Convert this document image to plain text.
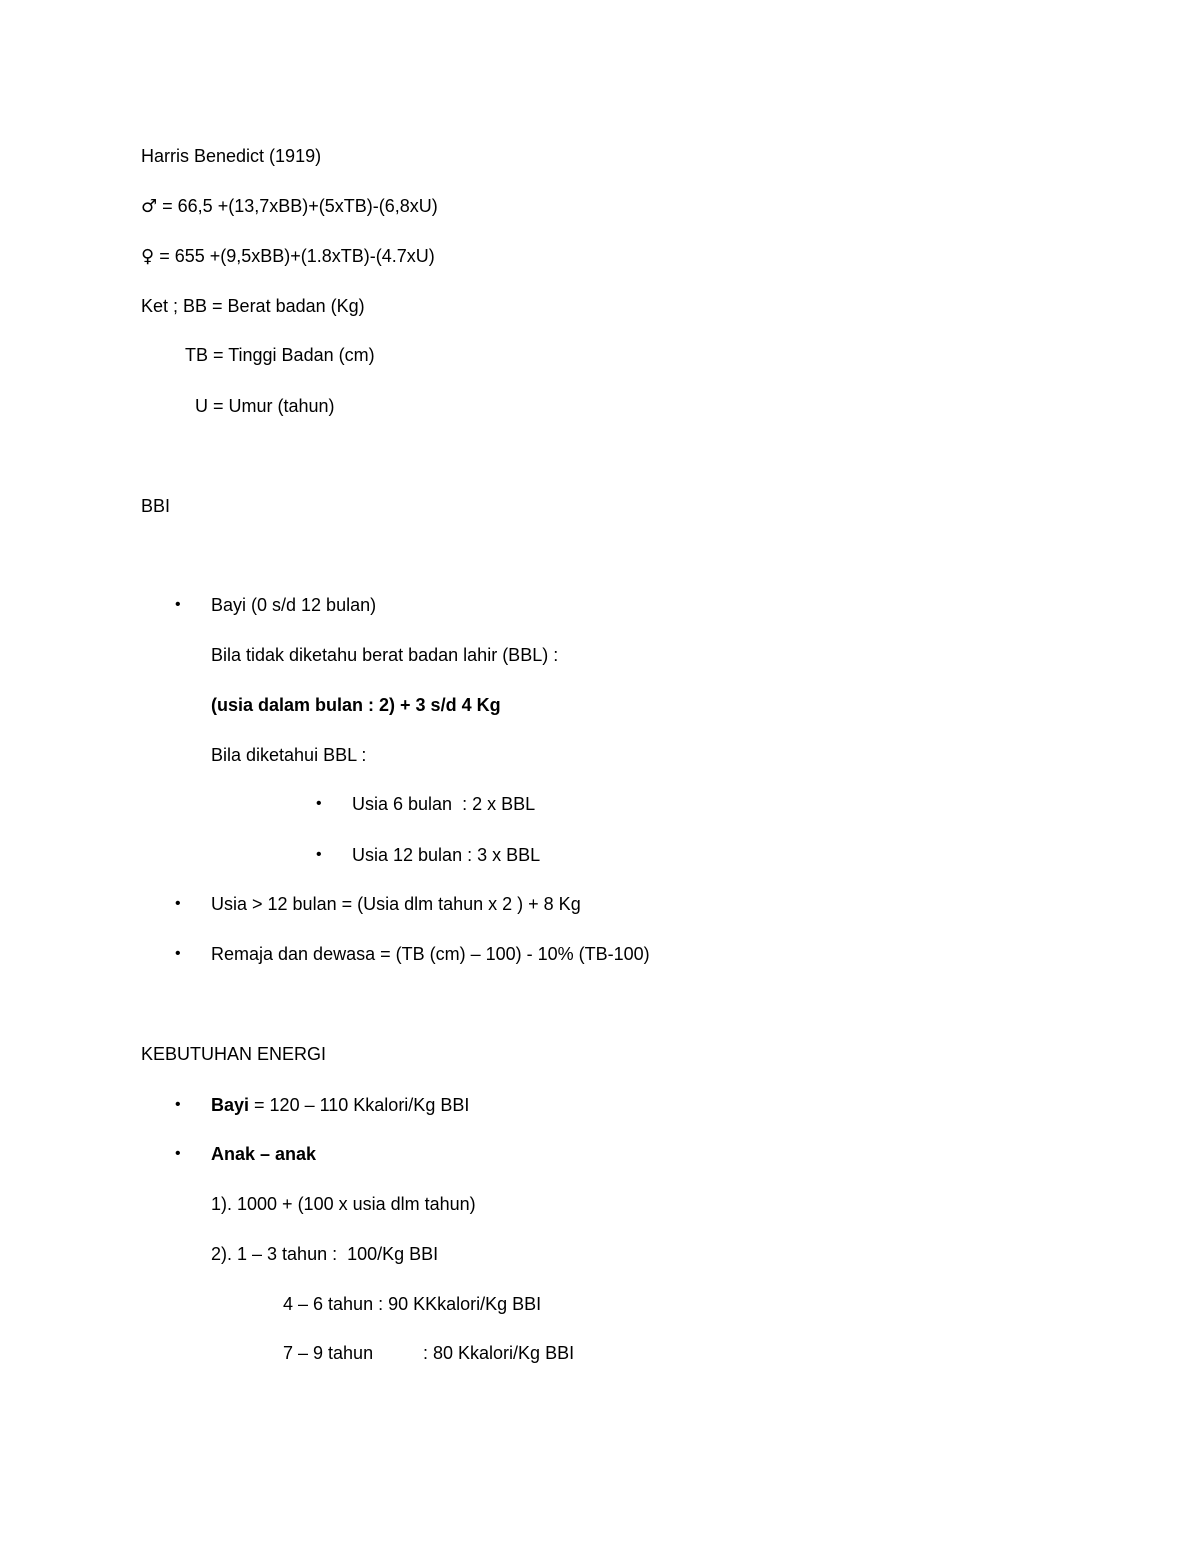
Harris Benedict (1919)
♂ = 66,5 +(13,7xBB)+(5xTB)-(6,8xU)
♀ = 655 +(9,5xBB)+(1.8xTB)-(4.7xU)
Ket ; BB = Berat badan (Kg)
TB = Tinggi Badan (cm)
U = Umur (tahun)
BBI
• Bayi (0 s/d 12 bulan)
Bila tidak diketahu berat badan lahir (BBL) :
(usia dalam bulan : 2) + 3 s/d 4 Kg
Bila diketahui BBL :
• Usia 6 bulan  : 2 x BBL
• Usia 12 bulan : 3 x BBL
• Usia > 12 bulan = (Usia dlm tahun x 2 ) + 8 Kg
• Remaja dan dewasa = (TB (cm) – 100) - 10% (TB-100)
KEBUTUHAN ENERGI
• Bayi = 120 – 110 Kkalori/Kg BBI
• Anak – anak
1). 1000 + (100 x usia dlm tahun)
2). 1 – 3 tahun :  100/Kg BBI
4 – 6 tahun : 90 KKkalori/Kg BBI
7 – 9 tahun	: 80 Kkalori/Kg BBI
